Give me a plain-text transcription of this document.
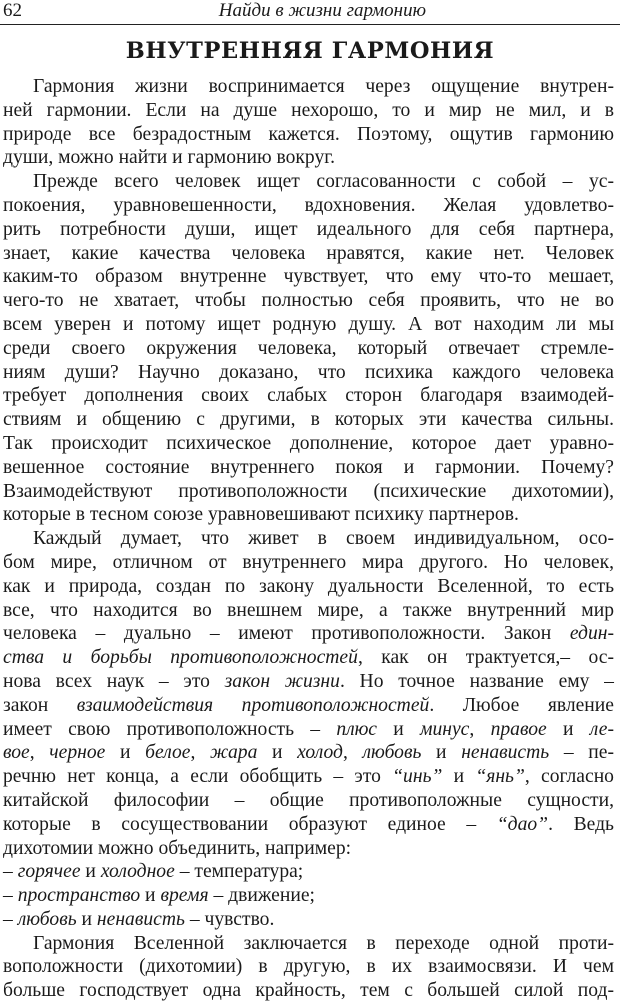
62	Найди в жизни гармонию
ВНУТРЕННЯЯ ГАРМОНИЯ
Гармония жизни воспринимается через ощущение внутрен-
ней гармонии. Если на душе нехорошо, то и мир не мил, и в
природе все безрадостным кажется. Поэтому, ощутив гармонию
души, можно найти и гармонию вокруг.
Прежде всего человек ищет согласованности с собой – ус-
покоения, уравновешенности, вдохновения. Желая удовлетво-
рить потребности души, ищет идеального для себя партнера,
знает, какие качества человека нравятся, какие нет. Человек
каким-то образом внутренне чувствует, что ему что-то мешает,
чего-то не хватает, чтобы полностью себя проявить, что не во
всем уверен и потому ищет родную душу. А вот находим ли мы
среди своего окружения человека, который отвечает стремле-
ниям души? Научно доказано, что психика каждого человека
требует дополнения своих слабых сторон благодаря взаимодей-
ствиям и общению с другими, в которых эти качества сильны.
Так происходит психическое дополнение, которое дает уравно-
вешенное состояние внутреннего покоя и гармонии. Почему?
Взаимодействуют противоположности (психические дихотомии),
которые в тесном союзе уравновешивают психику партнеров.
Каждый думает, что живет в своем индивидуальном, осо-
бом мире, отличном от внутреннего мира другого. Но человек,
как и природа, создан по закону дуальности Вселенной, то есть
все, что находится во внешнем мире, а также внутренний мир
человека – дуально – имеют противоположности. Закон един-
ства и борьбы противоположностей, как он трактуется,– ос-
нова всех наук – это закон жизни. Но точное название ему –
закон взаимодействия противоположностей. Любое явление
имеет свою противоположность – плюс и минус, правое и ле-
вое, черное и белое, жара и холод, любовь и ненависть – пе-
речню нет конца, а если обобщить – это “инь” и “янь”, согласно
китайской философии – общие противоположные сущности,
которые в сосуществовании образуют единое – “дао”. Ведь
дихотомии можно объединить, например:
– горячее и холодное – температура;
– пространство и время – движение;
– любовь и ненависть – чувство.
Гармония Вселенной заключается в переходе одной проти-
воположности (дихотомии) в другую, в их взаимосвязи. И чем
больше господствует одна крайность, тем с большей силой под-
